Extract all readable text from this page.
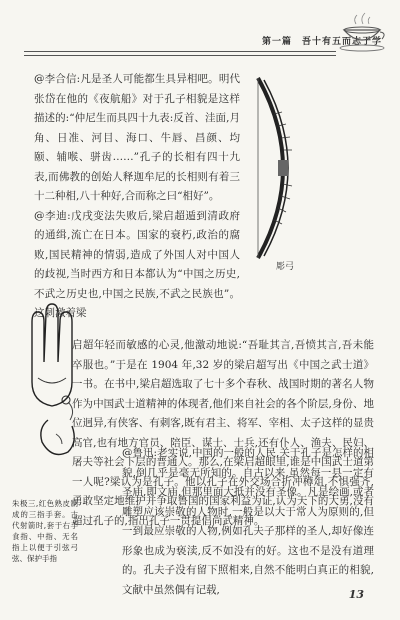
第一篇　吾十有五而志于学

@李合信:凡是圣人可能都生具异相吧。明代张岱在他的《夜航船》对于孔子相貌是这样描述的:“仲尼生而具四十九表:反首、洼面,月角、日准、河目、海口、牛唇、昌颜、均颐、辅喉、骈齿……”孔子的长相有四十九表,而佛教的创始人释迦牟尼的长相则有着三十二种相,八十种好,合而称之曰“相好”。

@李迪:戊戌变法失败后,梁启超遁到清政府的通缉,流亡在日本。国家的衰朽,政治的腐败,国民精神的情弱,造成了外国人对中国人的歧视,当时西方和日本都认为“中国之历史,不武之历史也,中国之民族,不武之民族也”。这刺激着梁

彫弓

启超年轻而敏感的心灵,他激动地说:“吾耻其言,吾愤其言,吾未能卒服也。”于是在 1904 年,32 岁的梁启超写出《中国之武士道》一书。在书中,梁启超选取了七十多个春秋、战国时期的著名人物作为中国武士道精神的体现者,他们来自社会的各个阶层,身份、地位迥异,有侠客、有刺客,既有君主、将军、宰相、太子这样的显贵高官,也有地方官员、陪臣、谋士、士兵,还有仆人、渔夫、民妇、屠夫等社会下层的普通人。那么,在梁启超眼里,谁是中国武士道第一人呢?梁认为是孔子。他以孔子在外交场合折冲樽俎,不惧强齐,勇敢坚定地维护并争取鲁国的国家利益为证,认为天下的大勇,没有超过孔子的,指出孔子一贯提倡尚武精神。

@鲁迅:老实说,中国的一般的人民,关于孔子是怎样的相貌,倒几乎是毫无所知的。自古以来,虽然每一县一定有圣庙,即文庙,但那里面大抵并没有圣像。凡是绘画,或者雕塑应该崇敬的人物时,一般是以大于常人为原则的,但一到最应崇敬的人物,例如孔夫子那样的圣人,却好像连形象也成为亵渎,反不如没有的好。这也不是没有道理的。孔夫子没有留下照相来,自然不能明白真正的相貌,文献中虽然偶有记载,

朱极三,红色熟皮制成的三指手套。古代射箭时,套于右手食指、中指、无名指上以便于引弦弓弦、保护手指
13
